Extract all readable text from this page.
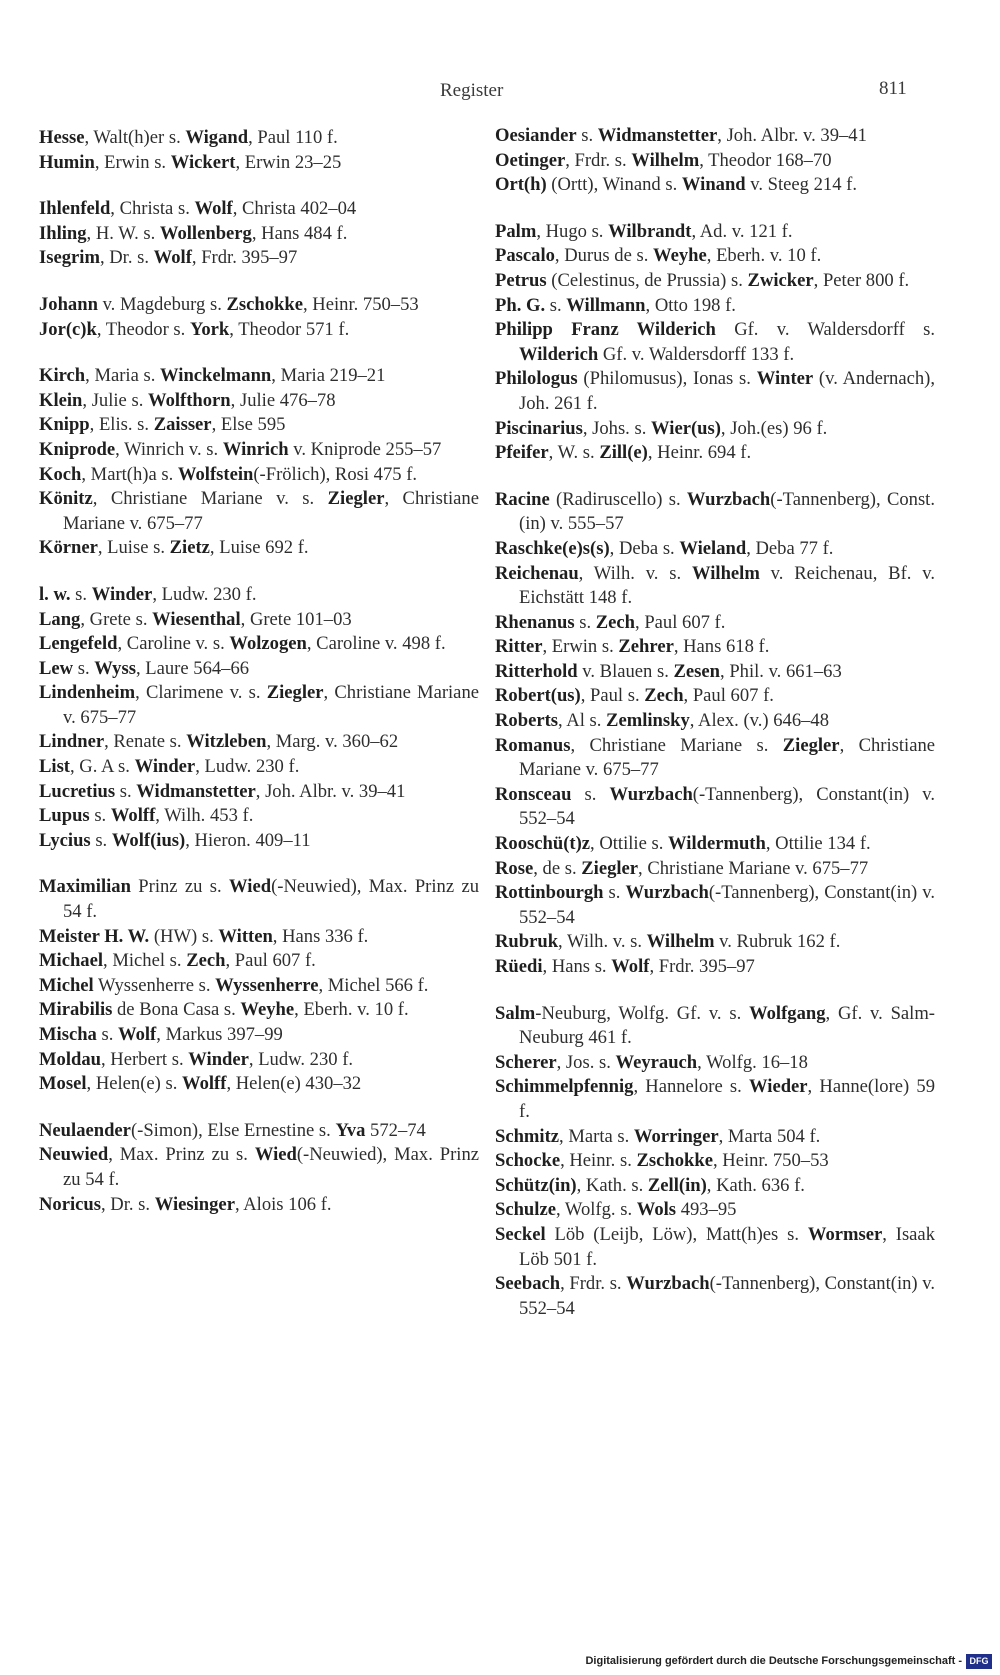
Register	811

Hesse, Walt(h)er s. Wigand, Paul 110 f.

Humin, Erwin s. Wickert, Erwin 23–25

Ihlenfeld, Christa s. Wolf, Christa 402–04

Ihling, H. W. s. Wollenberg, Hans 484 f.

Isegrim, Dr. s. Wolf, Frdr. 395–97

Johann v. Magdeburg s. Zschokke, Heinr. 750–53

Jor(c)k, Theodor s. York, Theodor 571 f.

Kirch, Maria s. Winckelmann, Maria 219–21

Klein, Julie s. Wolfthorn, Julie 476–78

Knipp, Elis. s. Zaisser, Else 595

Kniprode, Winrich v. s. Winrich v. Kniprode 255–57

Koch, Mart(h)a s. Wolfstein(-Frölich), Rosi 475 f.

Könitz, Christiane Mariane v. s. Ziegler, Christiane Mariane v. 675–77

Körner, Luise s. Zietz, Luise 692 f.

l. w. s. Winder, Ludw. 230 f.

Lang, Grete s. Wiesenthal, Grete 101–03

Lengefeld, Caroline v. s. Wolzogen, Caroline v. 498 f.

Lew s. Wyss, Laure 564–66

Lindenheim, Clarimene v. s. Ziegler, Christiane Mariane v. 675–77

Lindner, Renate s. Witzleben, Marg. v. 360–62

List, G. A s. Winder, Ludw. 230 f.

Lucretius s. Widmanstetter, Joh. Albr. v. 39–41

Lupus s. Wolff, Wilh. 453 f.

Lycius s. Wolf(ius), Hieron. 409–11

Maximilian Prinz zu s. Wied(-Neuwied), Max. Prinz zu 54 f.

Meister H. W. (HW) s. Witten, Hans 336 f.

Michael, Michel s. Zech, Paul 607 f.

Michel Wyssenherre s. Wyssenherre, Michel 566 f.

Mirabilis de Bona Casa s. Weyhe, Eberh. v. 10 f.

Mischa s. Wolf, Markus 397–99

Moldau, Herbert s. Winder, Ludw. 230 f.

Mosel, Helen(e) s. Wolff, Helen(e) 430–32

Neulaender(-Simon), Else Ernestine s. Yva 572–74

Neuwied, Max. Prinz zu s. Wied(-Neuwied), Max. Prinz zu 54 f.

Noricus, Dr. s. Wiesinger, Alois 106 f.

Oesiander s. Widmanstetter, Joh. Albr. v. 39–41

Oetinger, Frdr. s. Wilhelm, Theodor 168–70

Ort(h) (Ortt), Winand s. Winand v. Steeg 214 f.

Palm, Hugo s. Wilbrandt, Ad. v. 121 f.

Pascalo, Durus de s. Weyhe, Eberh. v. 10 f.

Petrus (Celestinus, de Prussia) s. Zwicker, Peter 800 f.

Ph. G. s. Willmann, Otto 198 f.

Philipp Franz Wilderich Gf. v. Waldersdorff s. Wilderich Gf. v. Waldersdorff 133 f.

Philologus (Philomusus), Ionas s. Winter (v. Andernach), Joh. 261 f.

Piscinarius, Johs. s. Wier(us), Joh.(es) 96 f.

Pfeifer, W. s. Zill(e), Heinr. 694 f.

Racine (Radiruscello) s. Wurzbach(-Tannenberg), Const.(in) v. 555–57

Raschke(e)s(s), Deba s. Wieland, Deba 77 f.

Reichenau, Wilh. v. s. Wilhelm v. Reichenau, Bf. v. Eichstätt 148 f.

Rhenanus s. Zech, Paul 607 f.

Ritter, Erwin s. Zehrer, Hans 618 f.

Ritterhold v. Blauen s. Zesen, Phil. v. 661–63

Robert(us), Paul s. Zech, Paul 607 f.

Roberts, Al s. Zemlinsky, Alex. (v.) 646–48

Romanus, Christiane Mariane s. Ziegler, Christiane Mariane v. 675–77

Ronsceau s. Wurzbach(-Tannenberg), Constant(in) v. 552–54

Rooschü(t)z, Ottilie s. Wildermuth, Ottilie 134 f.

Rose, de s. Ziegler, Christiane Mariane v. 675–77

Rottinbourgh s. Wurzbach(-Tannenberg), Constant(in) v. 552–54

Rubruk, Wilh. v. s. Wilhelm v. Rubruk 162 f.

Rüedi, Hans s. Wolf, Frdr. 395–97

Salm-Neuburg, Wolfg. Gf. v. s. Wolfgang, Gf. v. Salm-Neuburg 461 f.

Scherer, Jos. s. Weyrauch, Wolfg. 16–18

Schimmelpfennig, Hannelore s. Wieder, Hanne(lore) 59 f.

Schmitz, Marta s. Worringer, Marta 504 f.

Schocke, Heinr. s. Zschokke, Heinr. 750–53

Schütz(in), Kath. s. Zell(in), Kath. 636 f.

Schulze, Wolfg. s. Wols 493–95

Seckel Löb (Leijb, Löw), Matt(h)es s. Wormser, Isaak Löb 501 f.

Seebach, Frdr. s. Wurzbach(-Tannenberg), Constant(in) v. 552–54

Digitalisierung gefördert durch die Deutsche Forschungsgemeinschaft - DFG
